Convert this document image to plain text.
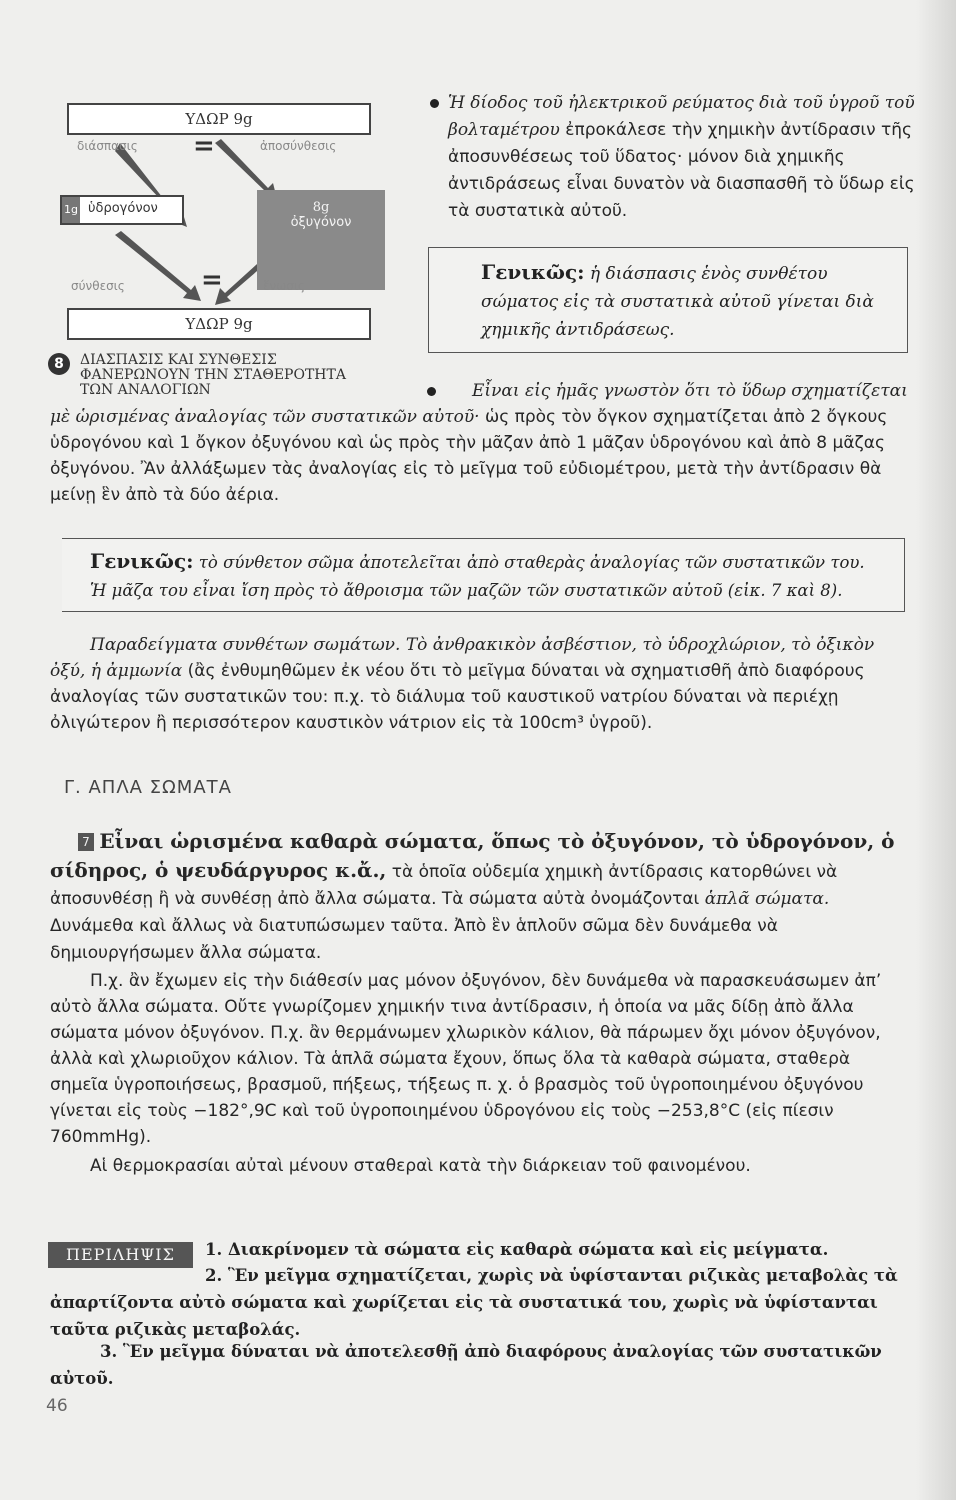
ΥΔΩΡ 9g
διάσπασις	ἀποσύνθεσις
=
1g ὑδρογόνον	8g
ὀξυγόνον
σύνθεσις	ἕνωσις
=
ΥΔΩΡ 9g
8	ΔΙΑΣΠΑΣΙΣ ΚΑΙ ΣΥΝΘΕΣΙΣ ΦΑΝΕΡΩΝΟΥΝ ΤΗΝ ΣΤΑΘΕΡΟΤΗΤΑ ΤΩΝ ΑΝΑΛΟΓΙΩΝ
Ἡ δίοδος τοῦ ἠλεκτρικοῦ ρεύματος διὰ τοῦ ὑγροῦ τοῦ βολταμέτρου ἐπροκάλεσε τὴν χημικὴν ἀντίδρασιν τῆς ἀποσυνθέσεως τοῦ ὕδατος· μόνον διὰ χημικῆς ἀντιδράσεως εἶναι δυνατὸν νὰ διασπασθῆ τὸ ὕδωρ εἰς τὰ συστατικὰ αὐτοῦ.
Γενικῶς: ἡ διάσπασις ἑνὸς συνθέτου σώματος εἰς τὰ συστατικὰ αὐτοῦ γίνεται διὰ χημικῆς ἀντιδράσεως.
Εἶναι εἰς ἡμᾶς γνωστὸν ὅτι τὸ ὕδωρ σχηματίζεται μὲ ὡρισμένας ἀναλογίας τῶν συστατικῶν αὐτοῦ· ὡς πρὸς τὸν ὄγκον σχηματίζεται ἀπὸ 2 ὄγκους ὑδρογόνου καὶ 1 ὄγκον ὀξυγόνου καὶ ὡς πρὸς τὴν μᾶζαν ἀπὸ 1 μᾶζαν ὑδρογόνου καὶ ἀπὸ 8 μᾶζας ὀξυγόνου. Ἂν ἀλλάξωμεν τὰς ἀναλογίας εἰς τὸ μεῖγμα τοῦ εὐδιομέτρου, μετὰ τὴν ἀντίδρασιν θὰ μείνῃ ἓν ἀπὸ τὰ δύο ἀέρια.
Γενικῶς: τὸ σύνθετον σῶμα ἀποτελεῖται ἀπὸ σταθερὰς ἀναλογίας τῶν συστατικῶν του.
Ἡ μᾶζα του εἶναι ἴση πρὸς τὸ ἄθροισμα τῶν μαζῶν τῶν συστατικῶν αὐτοῦ (εἰκ. 7 καὶ 8).
Παραδείγματα συνθέτων σωμάτων. Τὸ ἀνθρακικὸν ἀσβέστιον, τὸ ὑδροχλώριον, τὸ ὀξικὸν ὀξύ, ἡ ἀμμωνία (ἂς ἐνθυμηθῶμεν ἐκ νέου ὅτι τὸ μεῖγμα δύναται νὰ σχηματισθῆ ἀπὸ διαφόρους ἀναλογίας τῶν συστατικῶν του: π.χ. τὸ διάλυμα τοῦ καυστικοῦ νατρίου δύναται νὰ περιέχῃ ὀλιγώτερον ἢ περισσότερον καυστικὸν νάτριον εἰς τὰ 100cm³ ὑγροῦ).
Γ. ΑΠΛΑ ΣΩΜΑΤΑ
7 Εἶναι ὡρισμένα καθαρὰ σώματα, ὅπως τὸ ὀξυγόνον, τὸ ὑδρογόνον, ὁ σίδηρος, ὁ ψευδάργυρος κ.ἄ., τὰ ὁποῖα οὐδεμία χημικὴ ἀντίδρασις κατορθώνει νὰ ἀποσυνθέσῃ ἢ νὰ συνθέσῃ ἀπὸ ἄλλα σώματα. Τὰ σώματα αὐτὰ ὀνομάζονται ἁπλᾶ σώματα. Δυνάμεθα καὶ ἄλλως νὰ διατυπώσωμεν ταῦτα. Ἀπὸ ἓν ἁπλοῦν σῶμα δὲν δυνάμεθα νὰ δημιουργήσωμεν ἄλλα σώματα.
Π.χ. ἂν ἔχωμεν εἰς τὴν διάθεσίν μας μόνον ὀξυγόνον, δὲν δυνάμεθα νὰ παρασκευάσωμεν ἀπ’ αὐτὸ ἄλλα σώματα. Οὔτε γνωρίζομεν χημικήν τινα ἀντίδρασιν, ἡ ὁποία να μᾶς δίδῃ ἀπὸ ἄλλα σώματα μόνον ὀξυγόνον. Π.χ. ἂν θερμάνωμεν χλωρικὸν κάλιον, θὰ πάρωμεν ὄχι μόνον ὀξυγόνον, ἀλλὰ καὶ χλωριοῦχον κάλιον. Τὰ ἁπλᾶ σώματα ἔχουν, ὅπως ὅλα τὰ καθαρὰ σώματα, σταθερὰ σημεῖα ὑγροποιήσεως, βρασμοῦ, πήξεως, τήξεως π. χ. ὁ βρασμὸς τοῦ ὑγροποιημένου ὀξυγόνου γίνεται εἰς τοὺς −182°,9C καὶ τοῦ ὑγροποιημένου ὑδρογόνου εἰς τοὺς −253,8°C (εἰς πίεσιν 760mmHg).
Αἱ θερμοκρασίαι αὐταὶ μένουν σταθεραὶ κατὰ τὴν διάρκειαν τοῦ φαινομένου.
ΠΕΡΙΛΗΨΙΣ	1. Διακρίνομεν τὰ σώματα εἰς καθαρὰ σώματα καὶ εἰς μείγματα.
2. Ἓν μεῖγμα σχηματίζεται, χωρὶς νὰ ὑφίστανται ριζικὰς μεταβολὰς τὰ ἀπαρτίζοντα αὐτὸ σώματα καὶ χωρίζεται εἰς τὰ συστατικά του, χωρὶς νὰ ὑφίστανται ταῦτα ριζικὰς μεταβολάς.
3. Ἓν μεῖγμα δύναται νὰ ἀποτελεσθῇ ἀπὸ διαφόρους ἀναλογίας τῶν συστατικῶν αὐτοῦ.
46
